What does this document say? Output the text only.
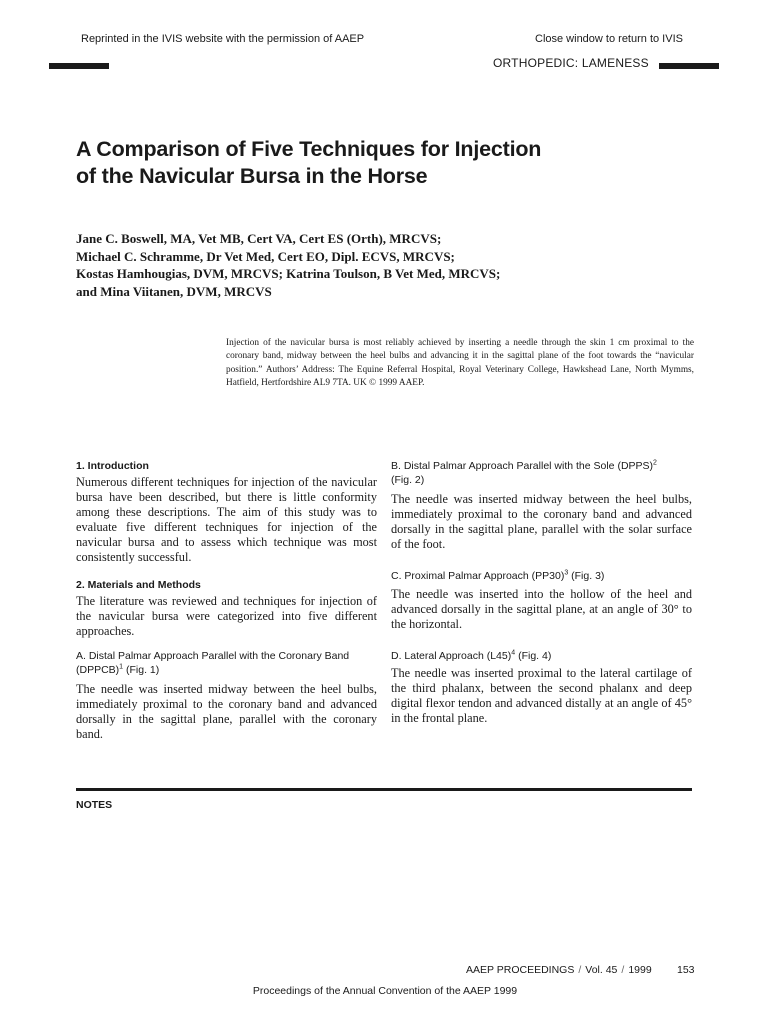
Reprinted in the IVIS website with the permission of AAEP	Close window to return to IVIS
ORTHOPEDIC: LAMENESS
A Comparison of Five Techniques for Injection
of the Navicular Bursa in the Horse
Jane C. Boswell, MA, Vet MB, Cert VA, Cert ES (Orth), MRCVS;
Michael C. Schramme, Dr Vet Med, Cert EO, Dipl. ECVS, MRCVS;
Kostas Hamhougias, DVM, MRCVS; Katrina Toulson, B Vet Med, MRCVS;
and Mina Viitanen, DVM, MRCVS
Injection of the navicular bursa is most reliably achieved by inserting a needle through the skin 1 cm proximal to the coronary band, midway between the heel bulbs and advancing it in the sagittal plane of the foot towards the “navicular position.” Authors’ Address: The Equine Referral Hospital, Royal Veterinary College, Hawkshead Lane, North Mymms, Hatfield, Hertfordshire AL9 7TA. UK © 1999 AAEP.
1. Introduction

Numerous different techniques for injection of the navicular bursa have been described, but there is little conformity among these descriptions. The aim of this study was to evaluate five different techniques for injection of the navicular bursa and to assess which technique was most consistently successful.

2. Materials and Methods

The literature was reviewed and techniques for injection of the navicular bursa were categorized into five different approaches.

A. Distal Palmar Approach Parallel with the Coronary Band (DPPCB)$^1$ (Fig. 1)

The needle was inserted midway between the heel bulbs, immediately proximal to the coronary band and advanced dorsally in the sagittal plane, parallel with the coronary band.

B. Distal Palmar Approach Parallel with the Sole (DPPS)$^2$
(Fig. 2)

The needle was inserted midway between the heel bulbs, immediately proximal to the coronary band and advanced dorsally in the sagittal plane, parallel with the solar surface of the foot.

C. Proximal Palmar Approach $(PP30)^3$ (Fig. 3)

The needle was inserted into the hollow of the heel and advanced dorsally in the sagittal plane, at an angle of 30° to the horizontal.

D. Lateral Approach $(L45)^4$ (Fig. 4)

The needle was inserted proximal to the lateral cartilage of the third phalanx, between the second phalanx and deep digital flexor tendon and advanced distally at an angle of 45° in the frontal plane.

NOTES
AAEP PROCEEDINGS / Vol. 45 / 1999 153
Proceedings of the Annual Convention of the AAEP 1999
